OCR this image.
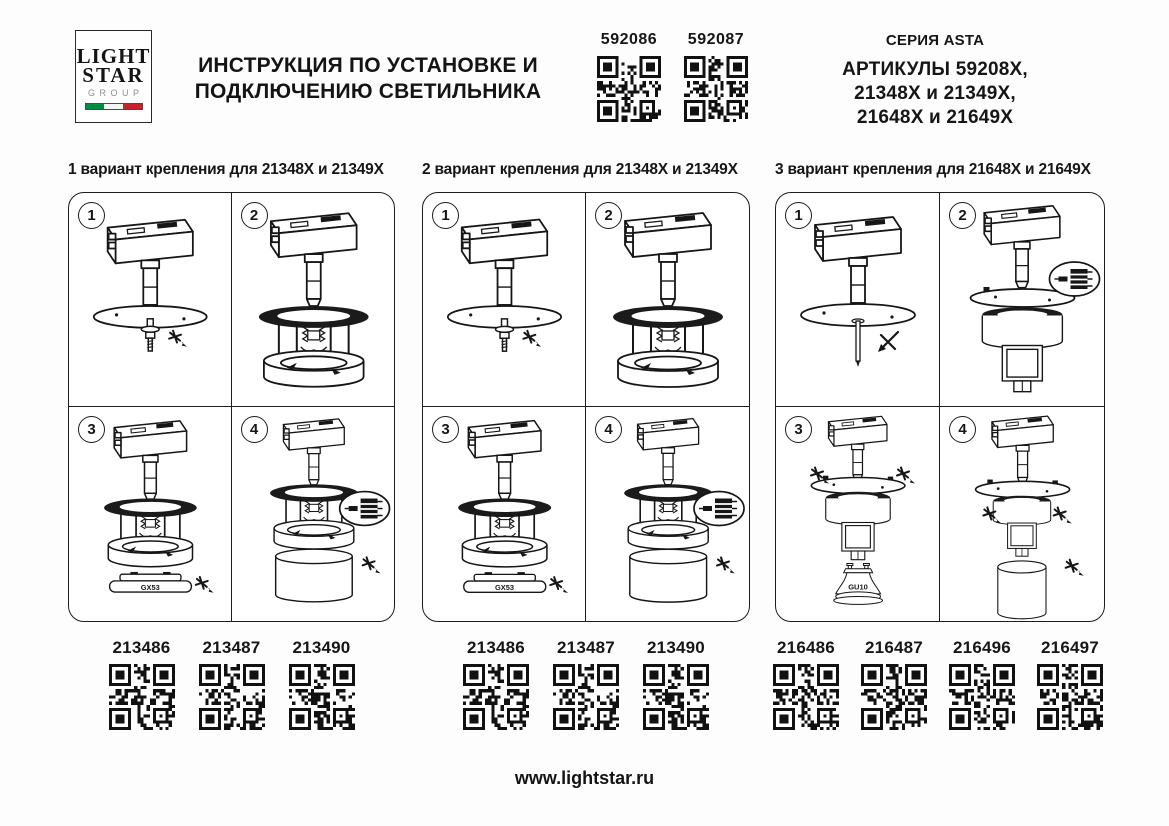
LIGHT
STAR
GROUP
ИНСТРУКЦИЯ ПО УСТАНОВКЕ И
ПОДКЛЮЧЕНИЮ СВЕТИЛЬНИКА
592086 592087	СЕРИЯ ASTA
АРТИКУЛЫ 59208X,
21348X и 21349X,
21648X и 21649X
1 вариант крепления для 21348X и 21349X
1	2
3
GX53
4
213486 213487 213490
2 вариант крепления для 21348X и 21349X
1	2
3
GX53
4
213486 213487 213490
3 вариант крепления для 21648X и 21649X
1	2
3
GU10
4
216486 216487 216496 216497
www.lightstar.ru
